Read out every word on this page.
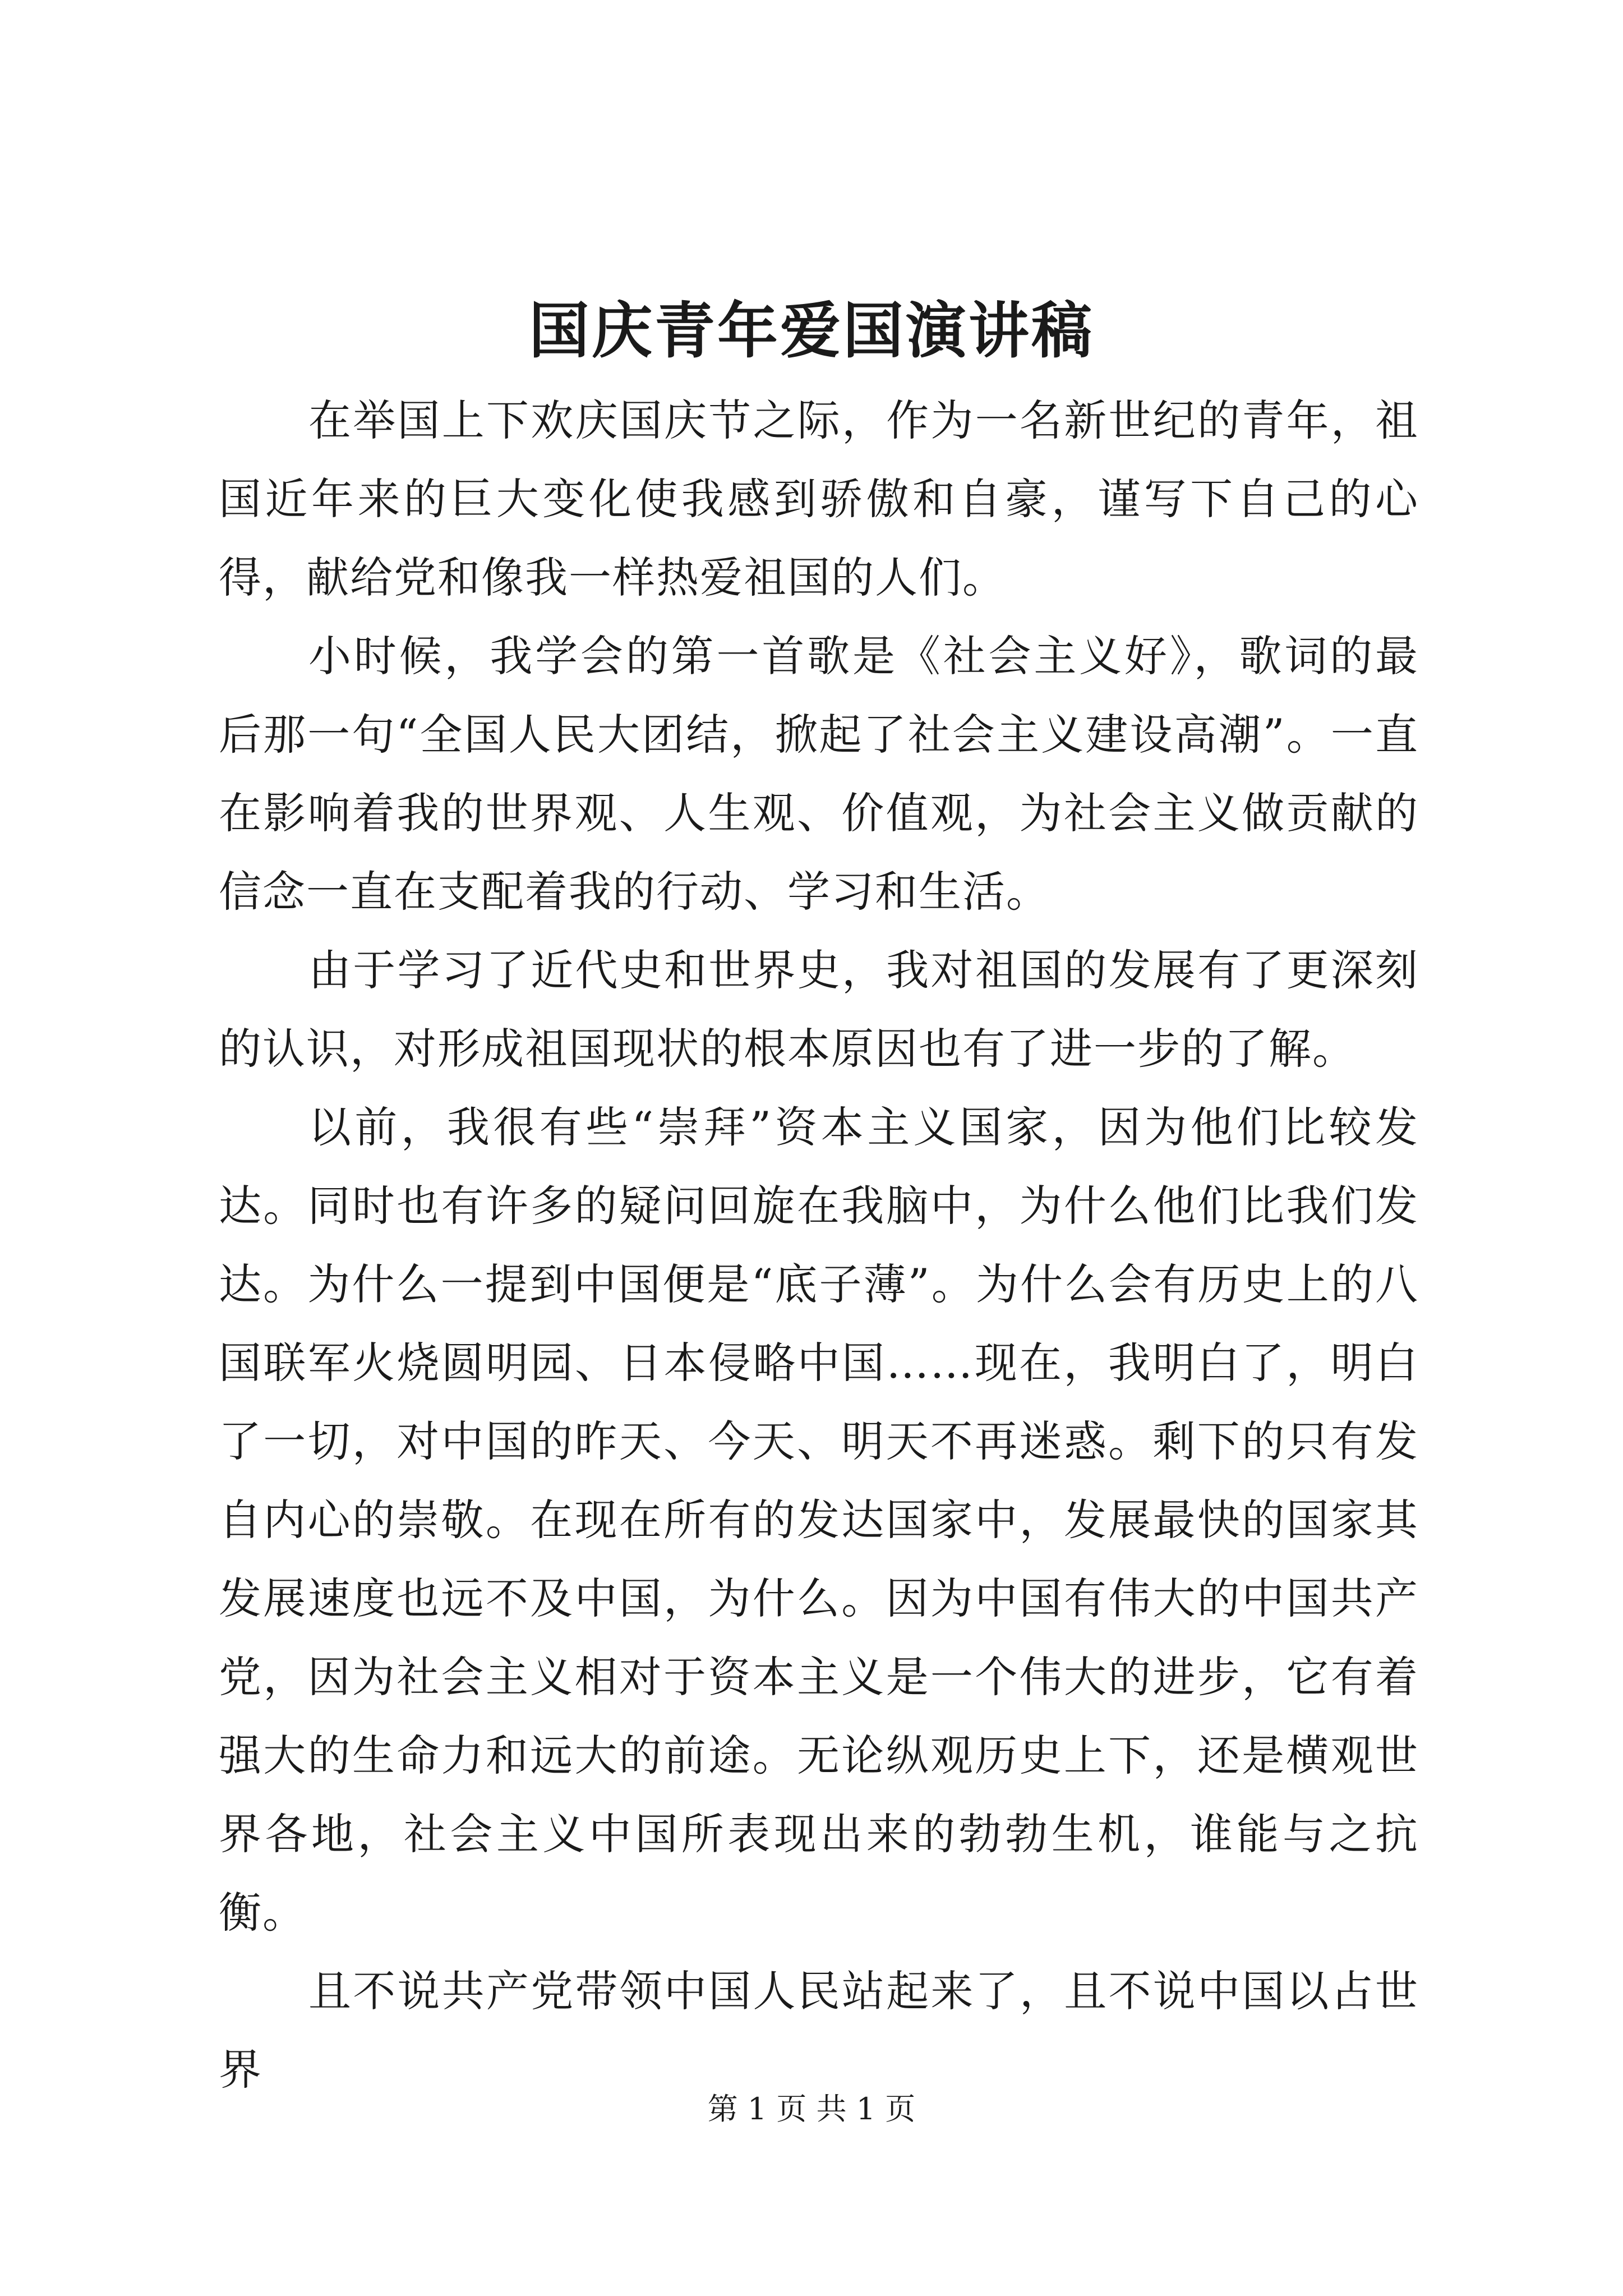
国庆青年爱国演讲稿

在举国上下欢庆国庆节之际，作为一名新世纪的青年，祖国近年来的巨大变化使我感到骄傲和自豪，谨写下自己的心得，献给党和像我一样热爱祖国的人们。

小时候，我学会的第一首歌是《社会主义好》，歌词的最后那一句“全国人民大团结，掀起了社会主义建设高潮”。一直在影响着我的世界观、人生观、价值观，为社会主义做贡献的信念一直在支配着我的行动、学习和生活。

由于学习了近代史和世界史，我对祖国的发展有了更深刻的认识，对形成祖国现状的根本原因也有了进一步的了解。

以前，我很有些“崇拜”资本主义国家，因为他们比较发达。同时也有许多的疑问回旋在我脑中，为什么他们比我们发达。为什么一提到中国便是“底子薄”。为什么会有历史上的八国联军火烧圆明园、日本侵略中国……现在，我明白了，明白了一切，对中国的昨天、今天、明天不再迷惑。剩下的只有发自内心的崇敬。在现在所有的发达国家中，发展最快的国家其发展速度也远不及中国，为什么。因为中国有伟大的中国共产党，因为社会主义相对于资本主义是一个伟大的进步，它有着强大的生命力和远大的前途。无论纵观历史上下，还是横观世界各地，社会主义中国所表现出来的勃勃生机，谁能与之抗衡。

且不说共产党带领中国人民站起来了，且不说中国以占世界

第 1 页 共 1 页
